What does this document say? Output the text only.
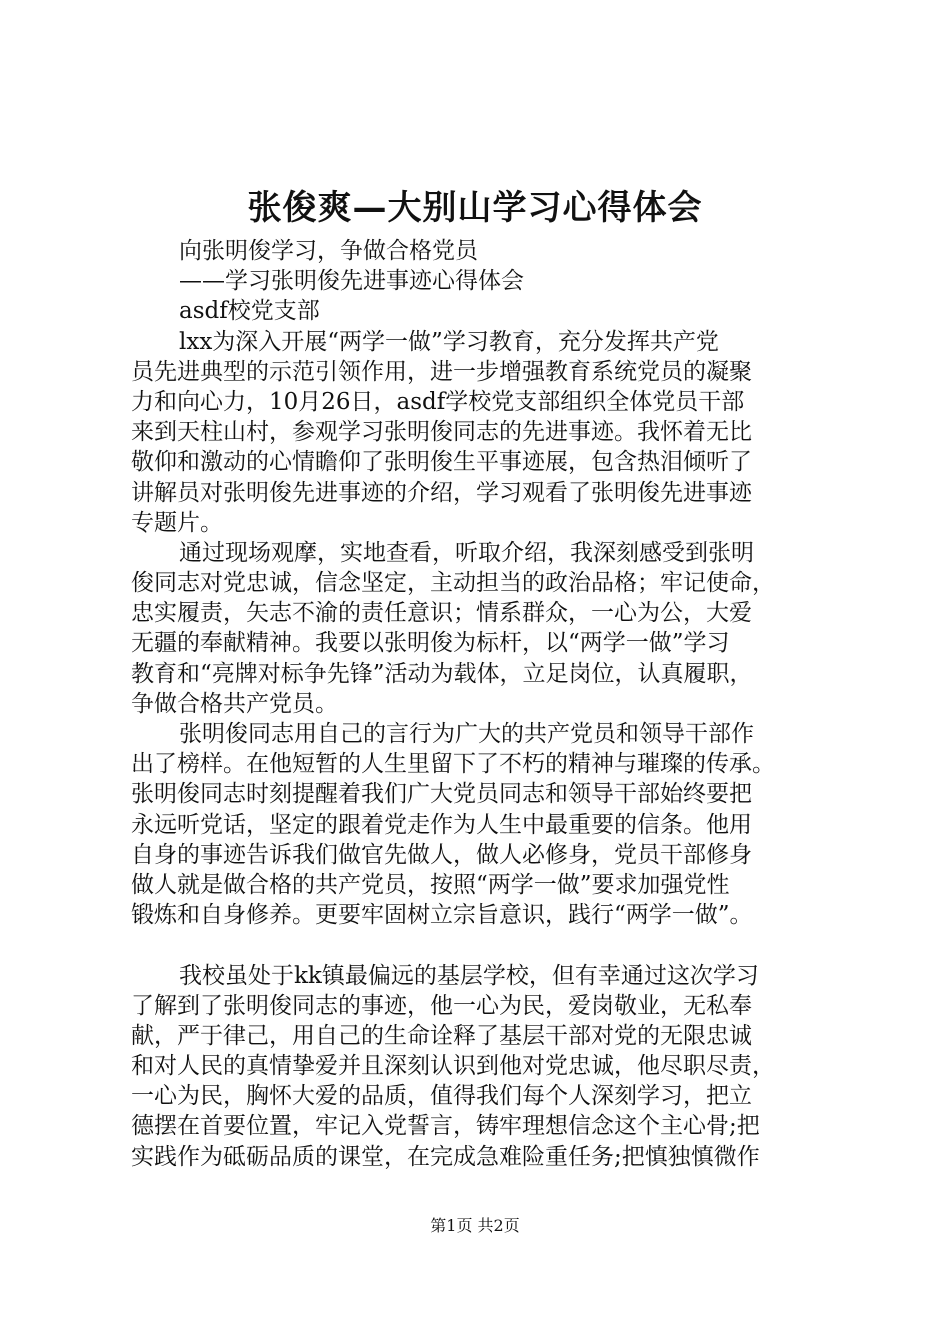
张俊爽—大别山学习心得体会
向张明俊学习，争做合格党员
——学习张明俊先进事迹心得体会
asdf校党支部
lxx为深入开展“两学一做”学习教育，充分发挥共产党
员先进典型的示范引领作用，进一步增强教育系统党员的凝聚
力和向心力，10月26日，asdf学校党支部组织全体党员干部
来到天柱山村，参观学习张明俊同志的先进事迹。我怀着无比
敬仰和激动的心情瞻仰了张明俊生平事迹展，包含热泪倾听了
讲解员对张明俊先进事迹的介绍，学习观看了张明俊先进事迹
专题片。
通过现场观摩，实地查看，听取介绍，我深刻感受到张明
俊同志对党忠诚，信念坚定，主动担当的政治品格；牢记使命，
忠实履责，矢志不渝的责任意识；情系群众，一心为公，大爱
无疆的奉献精神。我要以张明俊为标杆，以“两学一做”学习
教育和“亮牌对标争先锋”活动为载体，立足岗位，认真履职，
争做合格共产党员。
张明俊同志用自己的言行为广大的共产党员和领导干部作
出了榜样。在他短暂的人生里留下了不朽的精神与璀璨的传承。
张明俊同志时刻提醒着我们广大党员同志和领导干部始终要把
永远听党话，坚定的跟着党走作为人生中最重要的信条。他用
自身的事迹告诉我们做官先做人，做人必修身，党员干部修身
做人就是做合格的共产党员，按照“两学一做”要求加强党性
锻炼和自身修养。更要牢固树立宗旨意识，践行“两学一做”。
我校虽处于kk镇最偏远的基层学校，但有幸通过这次学习
了解到了张明俊同志的事迹，他一心为民，爱岗敬业，无私奉
献，严于律己，用自己的生命诠释了基层干部对党的无限忠诚
和对人民的真情挚爱并且深刻认识到他对党忠诚，他尽职尽责，
一心为民，胸怀大爱的品质，值得我们每个人深刻学习，把立
德摆在首要位置，牢记入党誓言，铸牢理想信念这个主心骨;把
实践作为砥砺品质的课堂，在完成急难险重任务;把慎独慎微作
第1页 共2页
